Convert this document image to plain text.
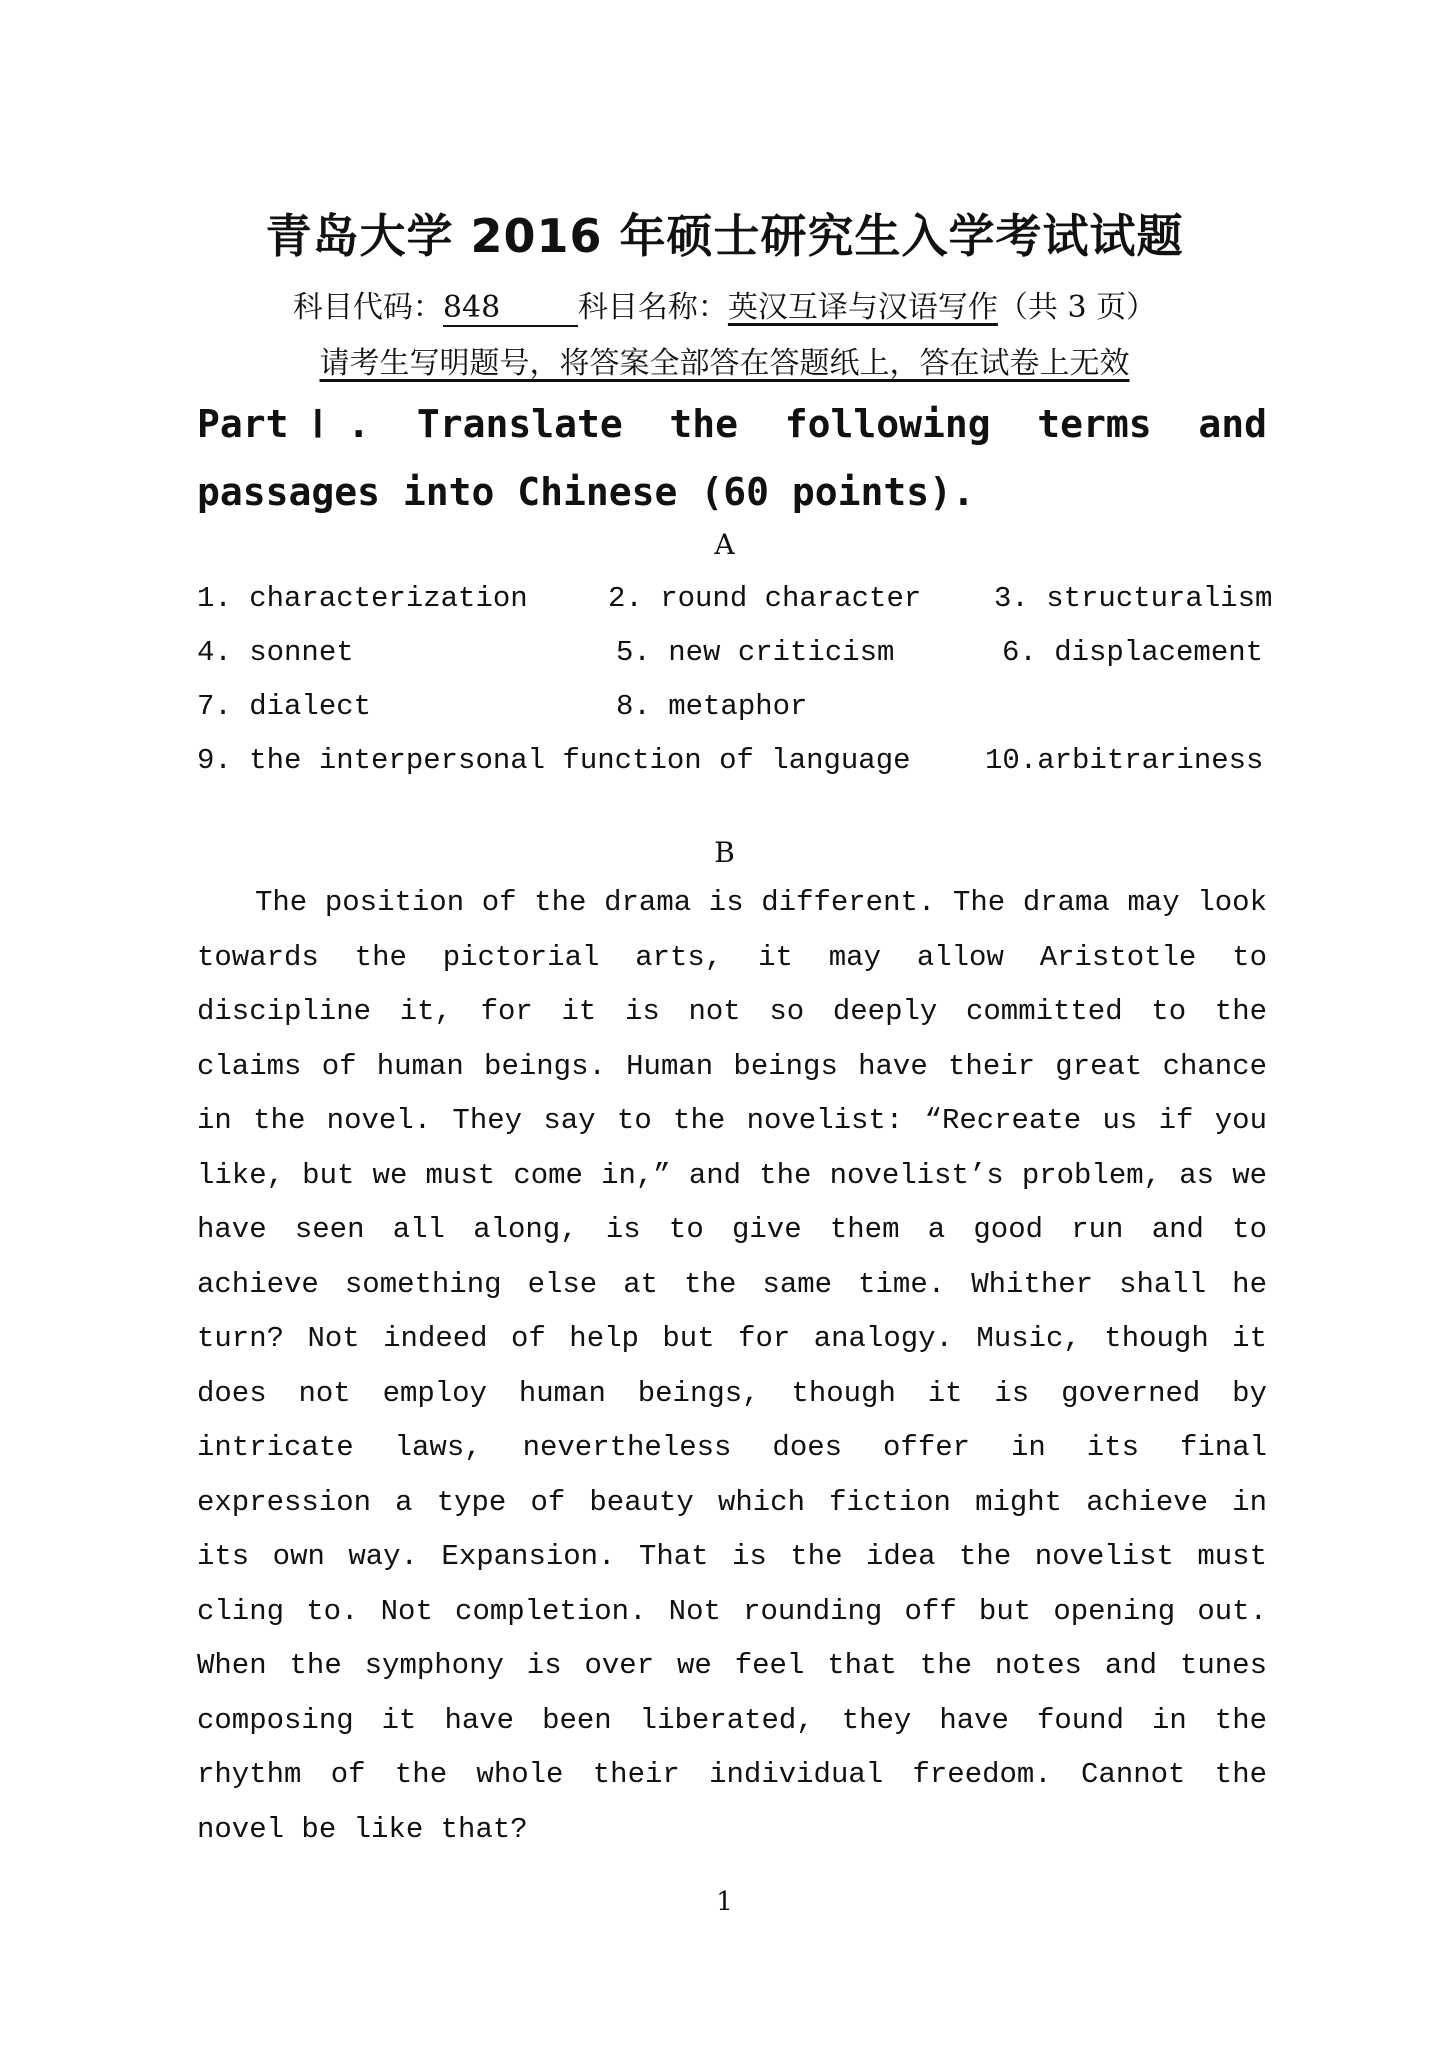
青岛大学 2016 年硕士研究生入学考试试题
科目代码：848	科目名称：英汉互译与汉语写作（共 3 页）
请考生写明题号，将答案全部答在答题纸上，答在试卷上无效
PartⅠ. Translate the following terms and passages into Chinese (60 points).
A
1. characterization	2. round character	3. structuralism
4. sonnet	5. new criticism	6. displacement
7. dialect	8. metaphor
9. the interpersonal function of language	10.arbitrariness
B

The position of the drama is different. The drama may look towards the pictorial arts, it may allow Aristotle to discipline it, for it is not so deeply committed to the claims of human beings. Human beings have their great chance in the novel. They say to the novelist: “Recreate us if you like, but we must come in,” and the novelist’s problem, as we have seen all along, is to give them a good run and to achieve something else at the same time. Whither shall he turn? Not indeed of help but for analogy. Music, though it does not employ human beings, though it is governed by intricate laws, nevertheless does offer in its final expression a type of beauty which fiction might achieve in its own way. Expansion. That is the idea the novelist must cling to. Not completion. Not rounding off but opening out. When the symphony is over we feel that the notes and tunes composing it have been liberated, they have found in the rhythm of the whole their individual freedom. Cannot the novel be like that?

1
